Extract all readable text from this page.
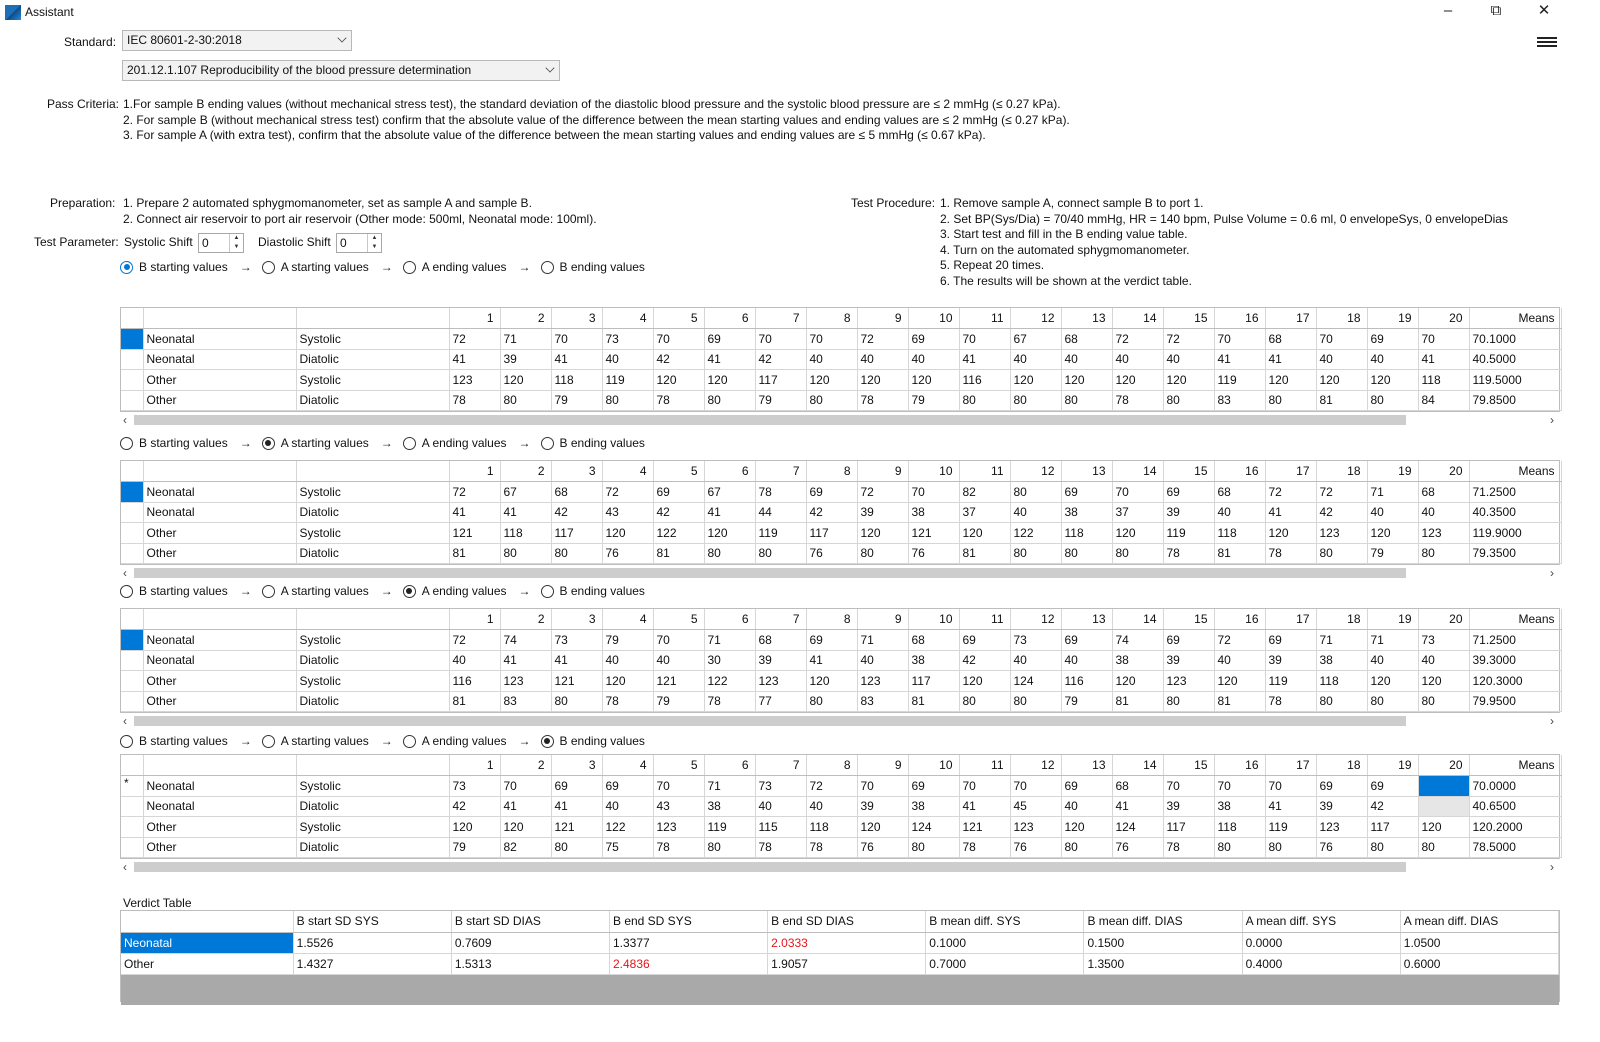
Assistant	–	⧉	✕
Standard: IEC 80601-2-30:2018
201.12.1.107 Reproducibility of the blood pressure determination
Pass Criteria: 1.For sample B ending values (without mechanical stress test), the standard deviation of the diastolic blood pressure and the systolic blood pressure are ≤ 2 mmHg (≤ 0.27 kPa).
2. For sample B (without mechanical stress test) confirm that the absolute value of the difference between the mean starting values and ending values are ≤ 2 mmHg (≤ 0.27 kPa).
3. For sample A (with extra test), confirm that the absolute value of the difference between the mean starting values and ending values are ≤ 5 mmHg (≤ 0.67 kPa).
Preparation: 1. Prepare 2 automated sphygmomanometer, set as sample A and sample B.
2. Connect air reservoir to port air reservoir (Other mode: 500ml, Neonatal mode: 100ml).
Test Procedure: 1. Remove sample A, connect sample B to port 1.
2. Set BP(Sys/Dia) = 70/40 mmHg, HR = 140 bpm, Pulse Volume = 0.6 ml, 0 envelopeSys, 0 envelopeDias
3. Start test and fill in the B ending value table.
4. Turn on the automated sphygmomanometer.
5. Repeat 20 times.
6. The results will be shown at the verdict table.
Test Parameter: Systolic Shift 0	▲
▼ Diastolic Shift 0	▲
▼
B starting values → A starting values → A ending values → B ending values
			1	2	3	4	5	6	7	8	9	10	11	12	13	14	15	16	17	18	19	20	Means
	Neonatal	Systolic	72	71	70	73	70	69	70	70	72	69	70	67	68	72	72	70	68	70	69	70	70.1000
	Neonatal	Diatolic	41	39	41	40	42	41	42	40	40	40	41	40	40	40	40	41	41	40	40	41	40.5000
	Other	Systolic	123	120	118	119	120	120	117	120	120	120	116	120	120	120	120	119	120	120	120	118	119.5000
	Other	Diatolic	78	80	79	80	78	80	79	80	78	79	80	80	80	78	80	83	80	81	80	84	79.8500
‹	›
B starting values → A starting values → A ending values → B ending values
			1	2	3	4	5	6	7	8	9	10	11	12	13	14	15	16	17	18	19	20	Means
	Neonatal	Systolic	72	67	68	72	69	67	78	69	72	70	82	80	69	70	69	68	72	72	71	68	71.2500
	Neonatal	Diatolic	41	41	42	43	42	41	44	42	39	38	37	40	38	37	39	40	41	42	40	40	40.3500
	Other	Systolic	121	118	117	120	122	120	119	117	120	121	120	122	118	120	119	118	120	123	120	123	119.9000
	Other	Diatolic	81	80	80	76	81	80	80	76	80	76	81	80	80	80	78	81	78	80	79	80	79.3500
‹	›
B starting values → A starting values → A ending values → B ending values
			1	2	3	4	5	6	7	8	9	10	11	12	13	14	15	16	17	18	19	20	Means
	Neonatal	Systolic	72	74	73	79	70	71	68	69	71	68	69	73	69	74	69	72	69	71	71	73	71.2500
	Neonatal	Diatolic	40	41	41	40	40	30	39	41	40	38	42	40	40	38	39	40	39	38	40	40	39.3000
	Other	Systolic	116	123	121	120	121	122	123	120	123	117	120	124	116	120	123	120	119	118	120	120	120.3000
	Other	Diatolic	81	83	80	78	79	78	77	80	83	81	80	80	79	81	80	81	78	80	80	80	79.9500
‹	›
B starting values → A starting values → A ending values → B ending values
			1	2	3	4	5	6	7	8	9	10	11	12	13	14	15	16	17	18	19	20	Means
*	Neonatal	Systolic	73	70	69	69	70	71	73	72	70	69	70	70	69	68	70	70	70	69	69		70.0000
	Neonatal	Diatolic	42	41	41	40	43	38	40	40	39	38	41	45	40	41	39	38	41	39	42		40.6500
	Other	Systolic	120	120	121	122	123	119	115	118	120	124	121	123	120	124	117	118	119	123	117	120	120.2000
	Other	Diatolic	79	82	80	75	78	80	78	78	76	80	78	76	80	76	78	80	80	76	80	80	78.5000
‹	›
Verdict Table
	B start SD SYS	B start SD DIAS	B end SD SYS	B end SD DIAS	B mean diff. SYS	B mean diff. DIAS	A mean diff. SYS	A mean diff. DIAS
Neonatal	1.5526	0.7609	1.3377	2.0333	0.1000	0.1500	0.0000	1.0500
Other	1.4327	1.5313	2.4836	1.9057	0.7000	1.3500	0.4000	0.6000
